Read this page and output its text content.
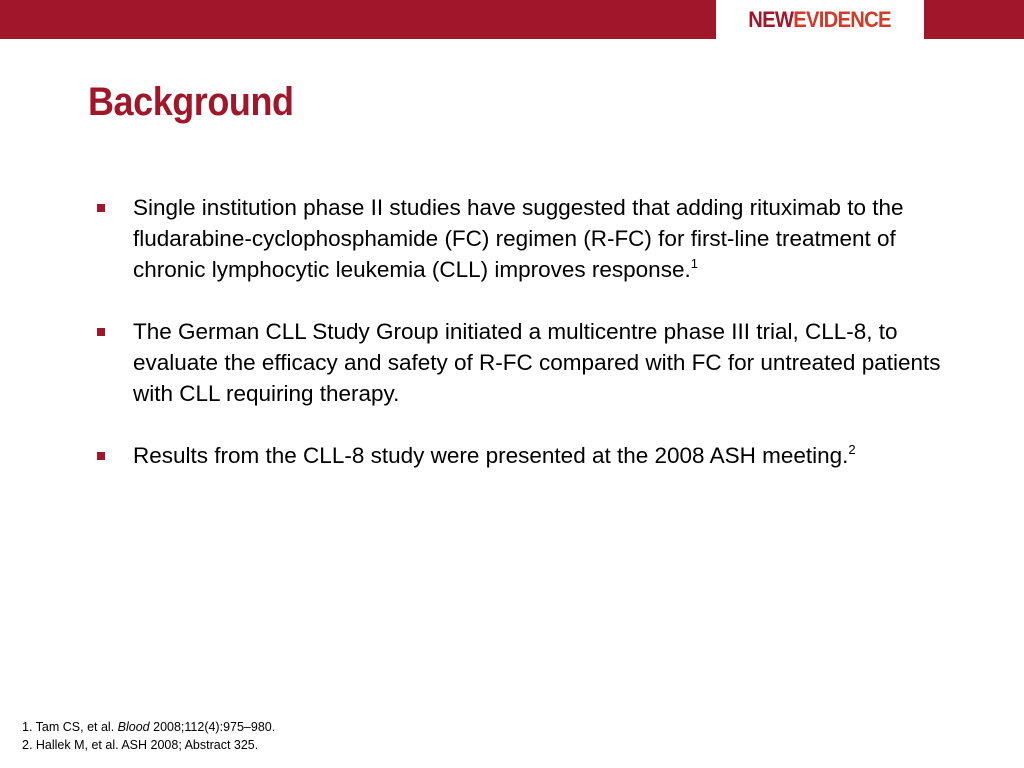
NEWEVIDENCE
Background
Single institution phase II studies have suggested that adding rituximab to the fludarabine-cyclophosphamide (FC) regimen (R-FC) for first-line treatment of chronic lymphocytic leukemia (CLL) improves response.$^1$
The German CLL Study Group initiated a multicentre phase III trial, CLL-8, to evaluate the efficacy and safety of R-FC compared with FC for untreated patients with CLL requiring therapy.
Results from the CLL-8 study were presented at the 2008 ASH meeting.$^2$
1. Tam CS, et al. Blood 2008;112(4):975–980.
2. Hallek M, et al. ASH 2008; Abstract 325.
